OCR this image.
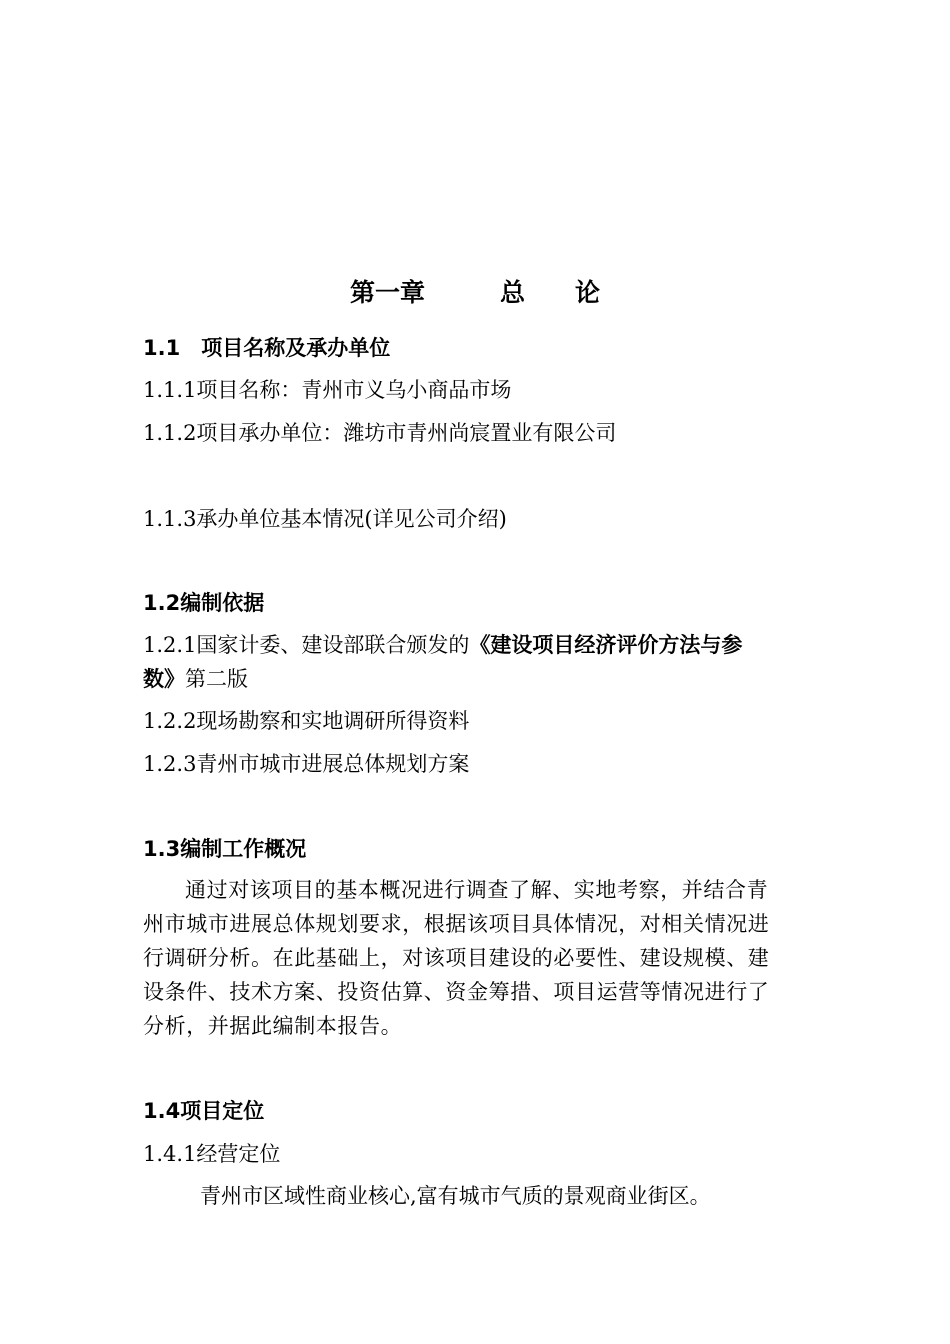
第一章　　　总　　论
1.1　项目名称及承办单位
1.1.1项目名称：青州市义乌小商品市场
1.1.2项目承办单位：潍坊市青州尚宸置业有限公司
1.1.3承办单位基本情况(详见公司介绍)
1.2编制依据
1.2.1国家计委、建设部联合颁发的《建设项目经济评价方法与参
数》第二版
1.2.2现场勘察和实地调研所得资料
1.2.3青州市城市进展总体规划方案
1.3编制工作概况
通过对该项目的基本概况进行调查了解、实地考察，并结合青
州市城市进展总体规划要求，根据该项目具体情况，对相关情况进
行调研分析。在此基础上，对该项目建设的必要性、建设规模、建
设条件、技术方案、投资估算、资金筹措、项目运营等情况进行了
分析，并据此编制本报告。
1.4项目定位
1.4.1经营定位
青州市区域性商业核心,富有城市气质的景观商业街区。
